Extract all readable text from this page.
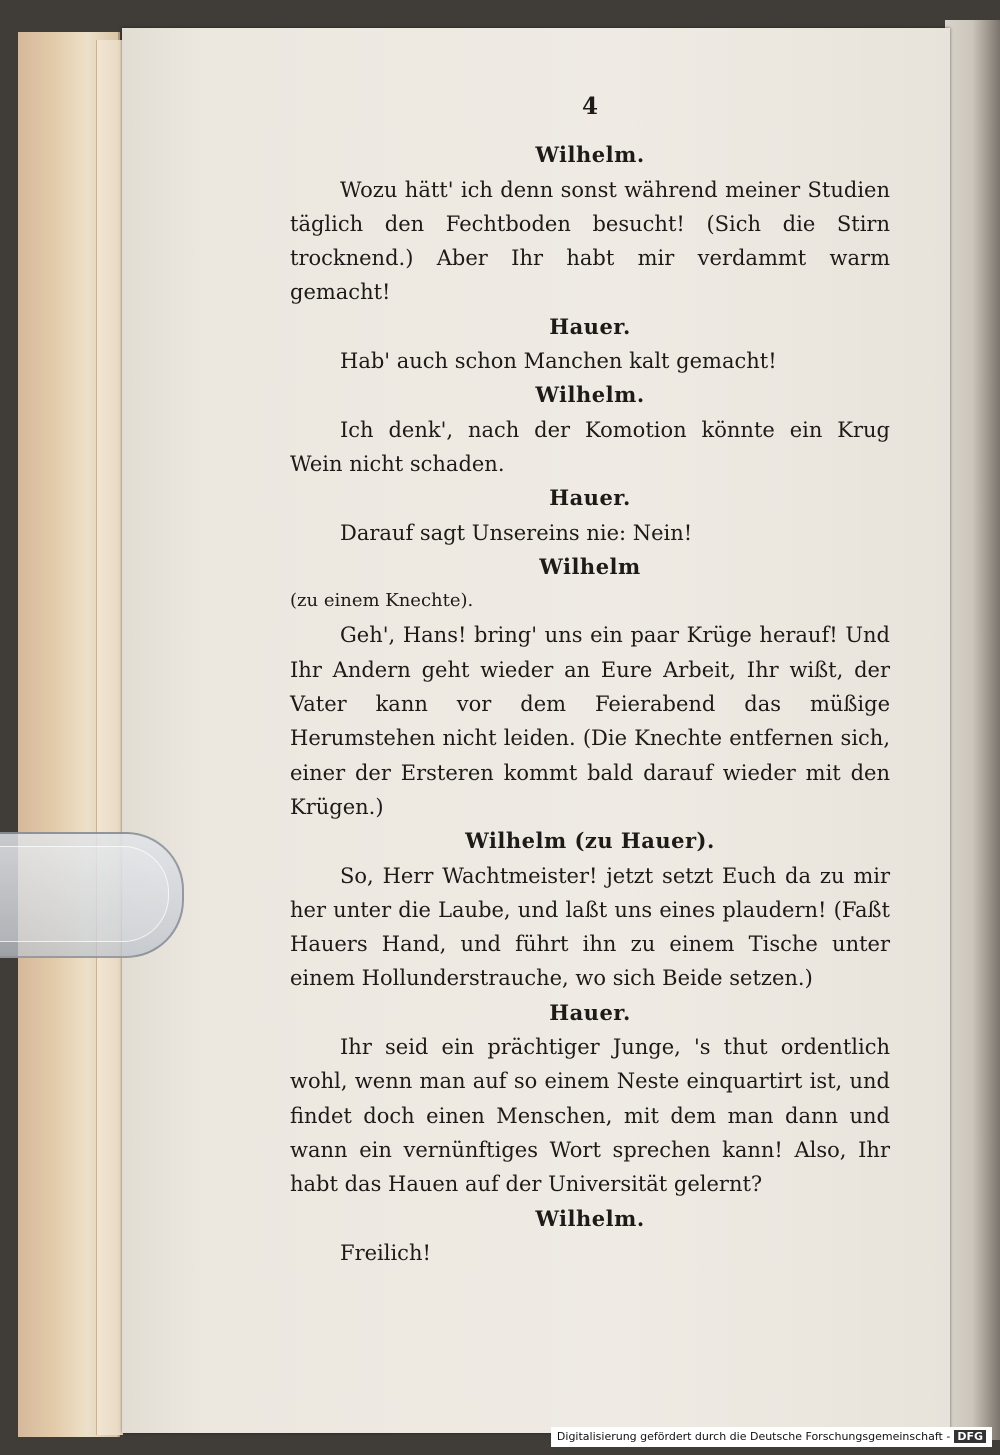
4
Wilhelm.
Wozu hätt' ich denn sonst während meiner Studien täglich den Fechtboden besucht! (Sich die Stirn trocknend.) Aber Ihr habt mir verdammt warm gemacht!
Hauer.
Hab' auch schon Manchen kalt gemacht!
Wilhelm.
Ich denk', nach der Komotion könnte ein Krug Wein nicht schaden.
Hauer.
Darauf sagt Unsereins nie: Nein!
Wilhelm
(zu einem Knechte).
Geh', Hans! bring' uns ein paar Krüge herauf! Und Ihr Andern geht wieder an Eure Arbeit, Ihr wißt, der Vater kann vor dem Feierabend das müßige Herumstehen nicht leiden. (Die Knechte entfernen sich, einer der Ersteren kommt bald darauf wieder mit den Krügen.)
Wilhelm (zu Hauer).
So, Herr Wachtmeister! jetzt setzt Euch da zu mir her unter die Laube, und laßt uns eines plaudern! (Faßt Hauers Hand, und führt ihn zu einem Tische unter einem Hollunderstrauche, wo sich Beide setzen.)
Hauer.
Ihr seid ein prächtiger Junge, 's thut ordentlich wohl, wenn man auf so einem Neste einquartirt ist, und findet doch einen Menschen, mit dem man dann und wann ein vernünftiges Wort sprechen kann! Also, Ihr habt das Hauen auf der Universität gelernt?
Wilhelm.
Freilich!
Digitalisierung gefördert durch die Deutsche Forschungsgemeinschaft - DFG
